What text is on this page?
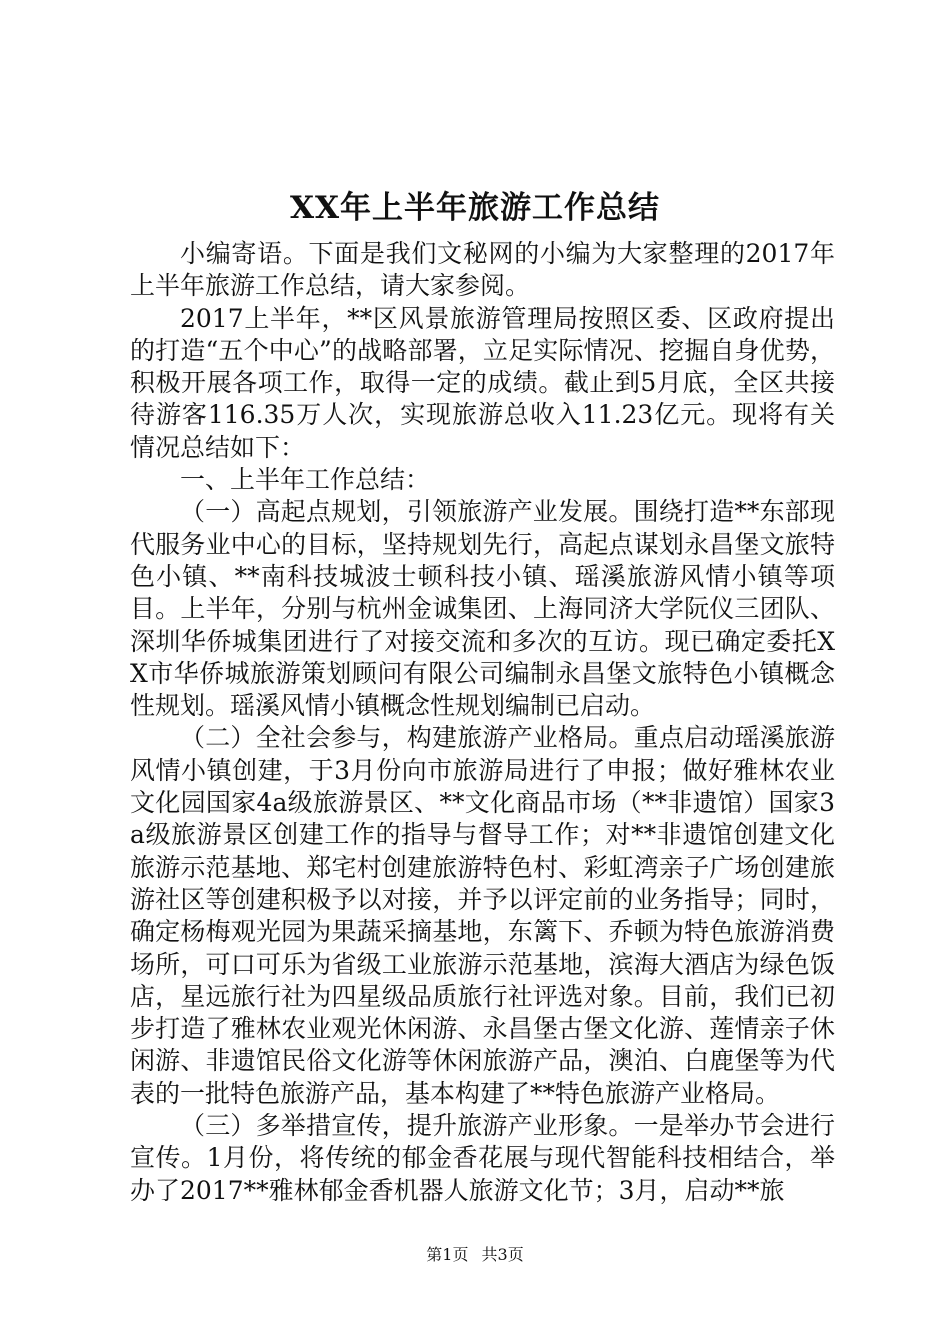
XX年上半年旅游工作总结

小编寄语。下面是我们文秘网的小编为大家整理的2017年上半年旅游工作总结，请大家参阅。

2017上半年，**区风景旅游管理局按照区委、区政府提出的打造“五个中心”的战略部署，立足实际情况、挖掘自身优势，积极开展各项工作，取得一定的成绩。截止到5月底，全区共接待游客116.35万人次，实现旅游总收入11.23亿元。现将有关情况总结如下：

一、上半年工作总结：

（一）高起点规划，引领旅游产业发展。围绕打造**东部现代服务业中心的目标，坚持规划先行，高起点谋划永昌堡文旅特色小镇、**南科技城波士顿科技小镇、瑶溪旅游风情小镇等项目。上半年，分别与杭州金诚集团、上海同济大学阮仪三团队、深圳华侨城集团进行了对接交流和多次的互访。现已确定委托XX市华侨城旅游策划顾问有限公司编制永昌堡文旅特色小镇概念性规划。瑶溪风情小镇概念性规划编制已启动。

（二）全社会参与，构建旅游产业格局。重点启动瑶溪旅游风情小镇创建，于3月份向市旅游局进行了申报；做好雅林农业文化园国家4a级旅游景区、**文化商品市场（**非遗馆）国家3a级旅游景区创建工作的指导与督导工作；对**非遗馆创建文化旅游示范基地、郑宅村创建旅游特色村、彩虹湾亲子广场创建旅游社区等创建积极予以对接，并予以评定前的业务指导；同时，确定杨梅观光园为果蔬采摘基地，东篱下、乔顿为特色旅游消费场所，可口可乐为省级工业旅游示范基地，滨海大酒店为绿色饭店，星远旅行社为四星级品质旅行社评选对象。目前，我们已初步打造了雅林农业观光休闲游、永昌堡古堡文化游、莲情亲子休闲游、非遗馆民俗文化游等休闲旅游产品，澳泊、白鹿堡等为代表的一批特色旅游产品，基本构建了**特色旅游产业格局。

（三）多举措宣传，提升旅游产业形象。一是举办节会进行宣传。1月份，将传统的郁金香花展与现代智能科技相结合，举办了2017**雅林郁金香机器人旅游文化节；3月，启动**旅

第1页 共3页
